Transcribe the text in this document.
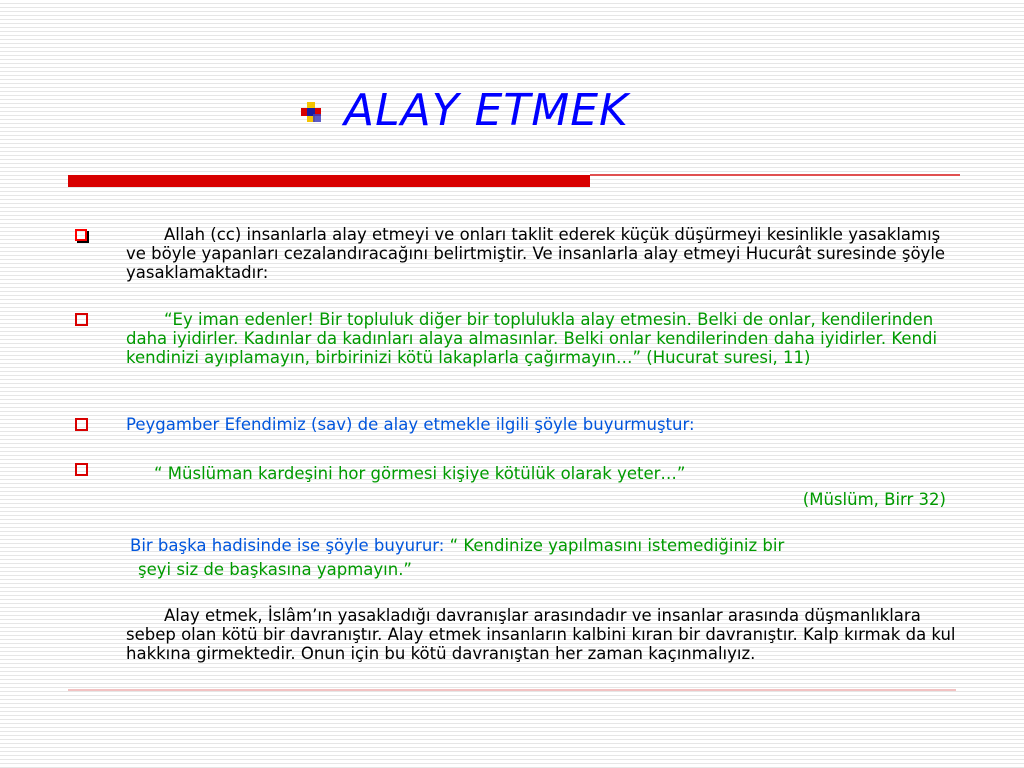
ALAY ETMEK

Allah (cc) insanlarla alay etmeyi ve onları taklit ederek küçük düşürmeyi kesinlikle yasaklamış ve böyle yapanları cezalandıracağını belirtmiştir. Ve insanlarla alay etmeyi Hucurât suresinde şöyle yasaklamaktadır:

“Ey iman edenler! Bir topluluk diğer bir toplulukla alay etmesin. Belki de onlar, kendilerinden daha iyidirler. Kadınlar da kadınları alaya almasınlar. Belki onlar kendilerinden daha iyidirler. Kendi kendinizi ayıplamayın, birbirinizi kötü lakaplarla çağırmayın…” (Hucurat suresi, 11)

Peygamber Efendimiz (sav) de alay etmekle ilgili şöyle buyurmuştur:

“ Müslüman kardeşini hor görmesi kişiye kötülük olarak yeter…”
(Müslüm, Birr 32)

Bir başka hadisinde ise şöyle buyurur: “ Kendinize yapılmasını istemediğiniz bir
şeyi siz de başkasına yapmayın.”

Alay etmek, İslâm’ın yasakladığı davranışlar arasındadır ve insanlar arasında düşmanlıklara sebep olan kötü bir davranıştır. Alay etmek insanların kalbini kıran bir davranıştır. Kalp kırmak da kul hakkına girmektedir. Onun için bu kötü davranıştan her zaman kaçınmalıyız.
